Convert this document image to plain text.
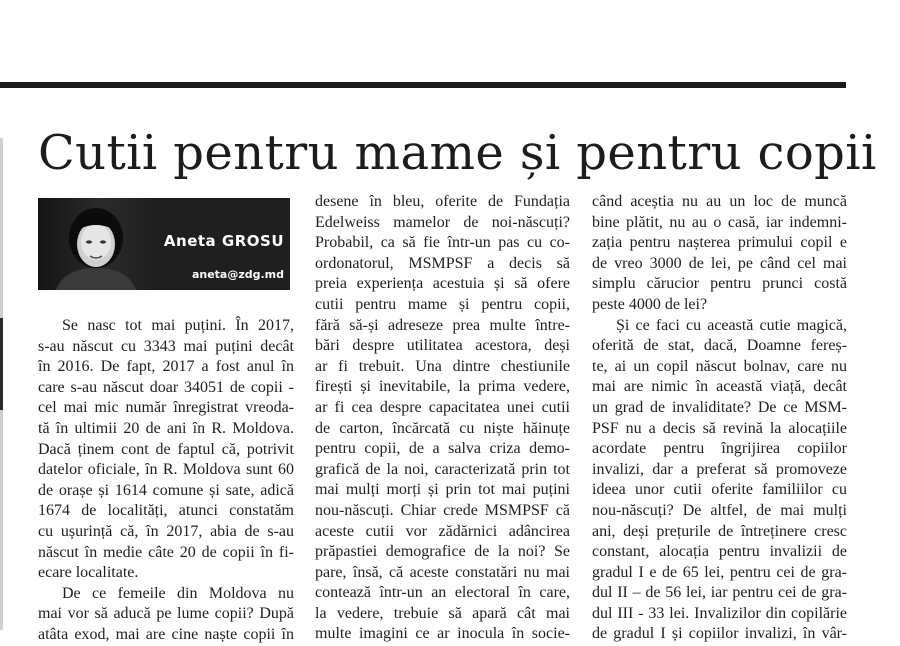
Cutii pentru mame și pentru copii
Aneta GROSU
aneta@zdg.md
Se nasc tot mai puțini. În 2017,
s-au născut cu 3343 mai puțini decât
în 2016. De fapt, 2017 a fost anul în
care s-au născut doar 34051 de copii -
cel mai mic număr înregistrat vreoda-
tă în ultimii 20 de ani în R. Moldova.
Dacă ținem cont de faptul că, potrivit
datelor oficiale, în R. Moldova sunt 60
de orașe și 1614 comune și sate, adică
1674 de localități, atunci constatăm
cu ușurință că, în 2017, abia de s-au
născut în medie câte 20 de copii în fi-
ecare localitate.
De ce femeile din Moldova nu
mai vor să aducă pe lume copii? După
atâta exod, mai are cine naște copii în
desene în bleu, oferite de Fundația
Edelweiss mamelor de noi-născuți?
Probabil, ca să fie într-un pas cu co-
ordonatorul, MSMPSF a decis să
preia experiența acestuia și să ofere
cutii pentru mame și pentru copii,
fără să-și adreseze prea multe între-
bări despre utilitatea acestora, deși
ar fi trebuit. Una dintre chestiunile
firești și inevitabile, la prima vedere,
ar fi cea despre capacitatea unei cutii
de carton, încărcată cu niște hăinuțe
pentru copii, de a salva criza demo-
grafică de la noi, caracterizată prin tot
mai mulți morți și prin tot mai puțini
nou-născuți. Chiar crede MSMPSF că
aceste cutii vor zădărnici adâncirea
prăpastiei demografice de la noi? Se
pare, însă, că aceste constatări nu mai
contează într-un an electoral în care,
la vedere, trebuie să apară cât mai
multe imagini ce ar inocula în socie-
când aceștia nu au un loc de muncă
bine plătit, nu au o casă, iar indemni-
zația pentru nașterea primului copil e
de vreo 3000 de lei, pe când cel mai
simplu cărucior pentru prunci costă
peste 4000 de lei?
Și ce faci cu această cutie magică,
oferită de stat, dacă, Doamne fereș-
te, ai un copil născut bolnav, care nu
mai are nimic în această viață, decât
un grad de invaliditate? De ce MSM-
PSF nu a decis să revină la alocațiile
acordate pentru îngrijirea copiilor
invalizi, dar a preferat să promoveze
ideea unor cutii oferite familiilor cu
nou-născuți? De altfel, de mai mulți
ani, deși prețurile de întreținere cresc
constant, alocația pentru invalizii de
gradul I e de 65 lei, pentru cei de gra-
dul II – de 56 lei, iar pentru cei de gra-
dul III - 33 lei. Invalizilor din copilărie
de gradul I și copiilor invalizi, în vâr-
